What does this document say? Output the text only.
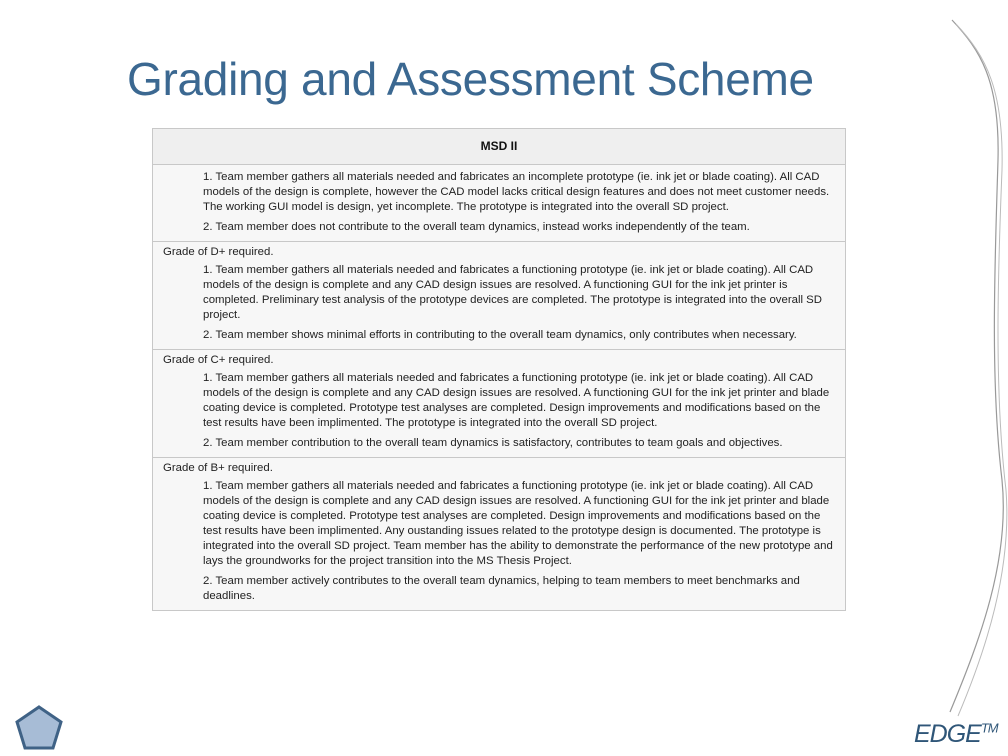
Grading and Assessment Scheme
MSD II
1. Team member gathers all materials needed and fabricates an incomplete prototype (ie. ink jet or blade coating). All CAD models of the design is complete, however the CAD model lacks critical design features and does not meet customer needs. The working GUI model is design, yet incomplete. The prototype is integrated into the overall SD project.
2. Team member does not contribute to the overall team dynamics, instead works independently of the team.
Grade of D+ required.
1. Team member gathers all materials needed and fabricates a functioning prototype (ie. ink jet or blade coating). All CAD models of the design is complete and any CAD design issues are resolved. A functioning GUI for the ink jet printer is completed. Preliminary test analysis of the prototype devices are completed. The prototype is integrated into the overall SD project.
2. Team member shows minimal efforts in contributing to the overall team dynamics, only contributes when necessary.
Grade of C+ required.
1. Team member gathers all materials needed and fabricates a functioning prototype (ie. ink jet or blade coating). All CAD models of the design is complete and any CAD design issues are resolved. A functioning GUI for the ink jet printer and blade coating device is completed. Prototype test analyses are completed. Design improvements and modifications based on the test results have been implimented. The prototype is integrated into the overall SD project.
2. Team member contribution to the overall team dynamics is satisfactory, contributes to team goals and objectives.
Grade of B+ required.
1. Team member gathers all materials needed and fabricates a functioning prototype (ie. ink jet or blade coating). All CAD models of the design is complete and any CAD design issues are resolved. A functioning GUI for the ink jet printer and blade coating device is completed. Prototype test analyses are completed. Design improvements and modifications based on the test results have been implimented. Any oustanding issues related to the prototype design is documented. The prototype is integrated into the overall SD project. Team member has the ability to demonstrate the performance of the new prototype and lays the groundworks for the project transition into the MS Thesis Project.
2. Team member actively contributes to the overall team dynamics, helping to team members to meet benchmarks and deadlines.
EDGE™
